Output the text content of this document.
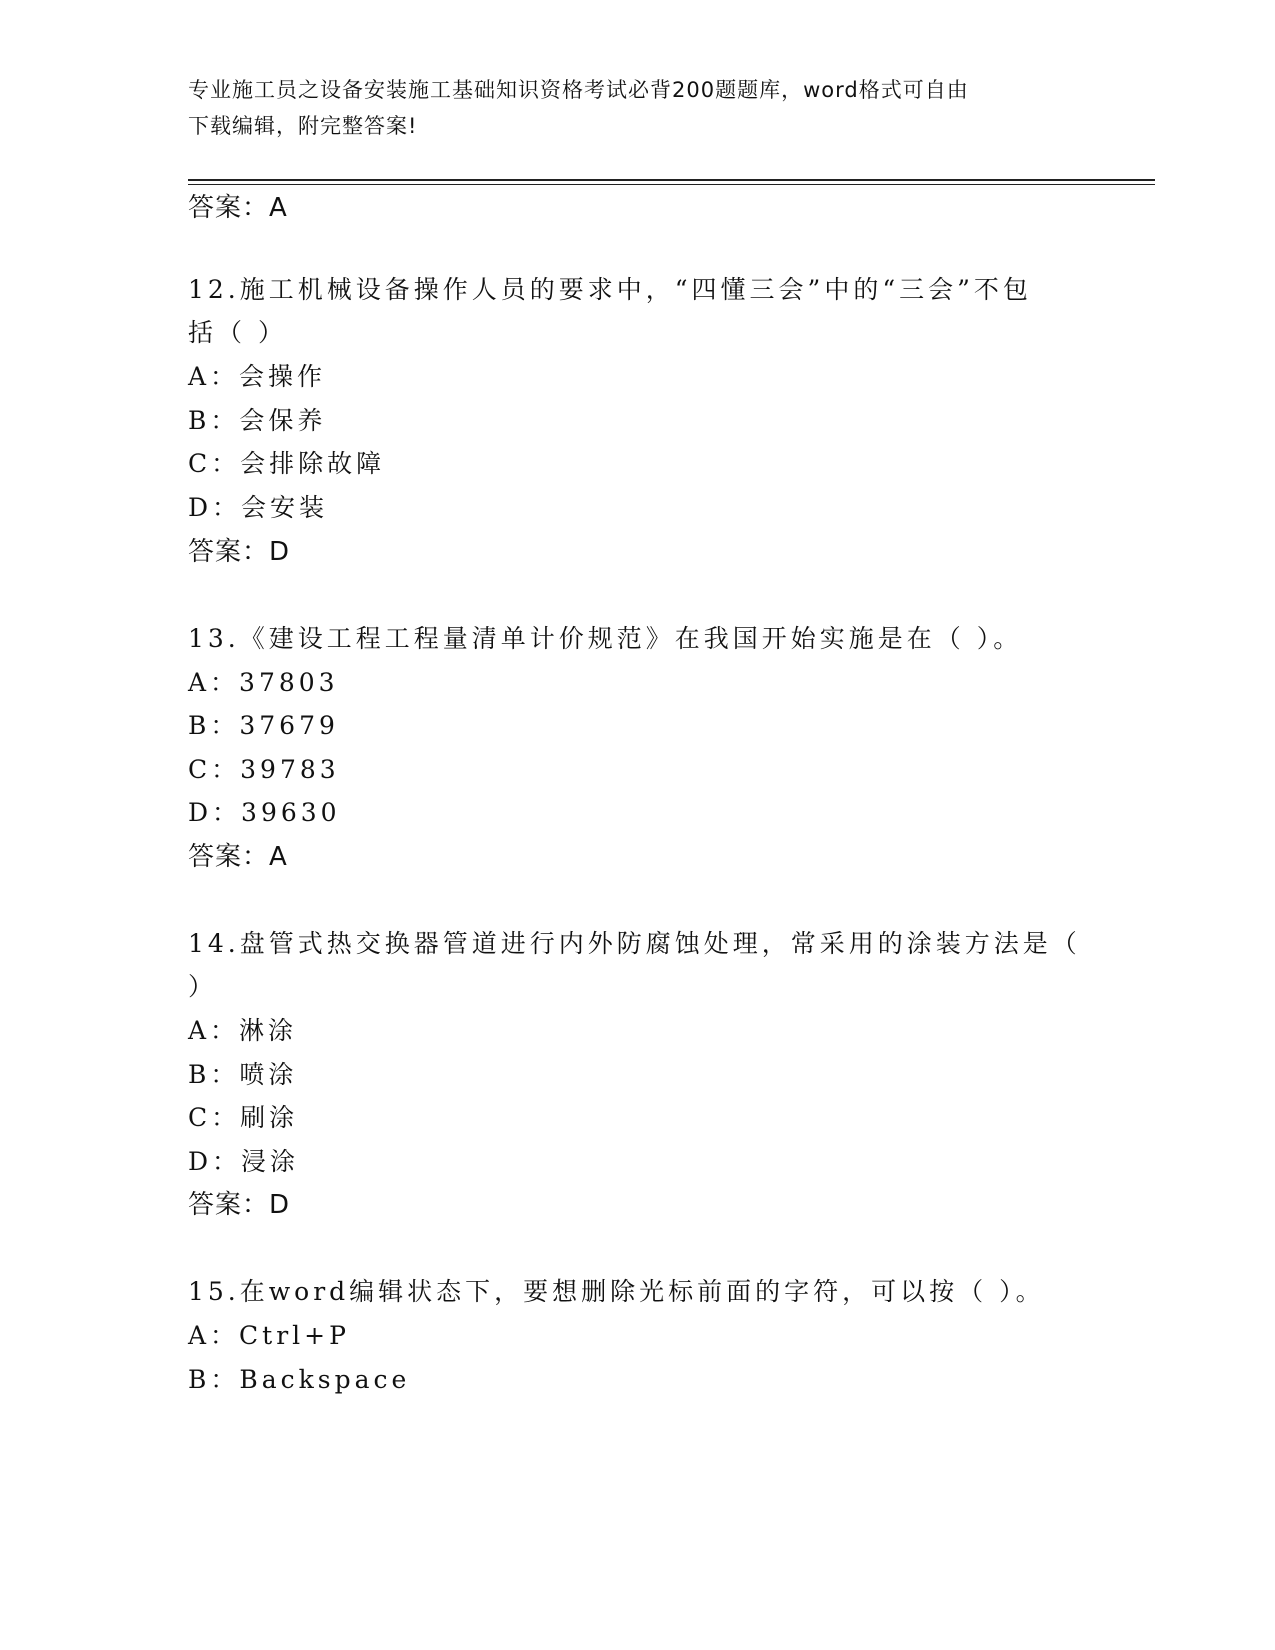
专业施工员之设备安装施工基础知识资格考试必背200题题库，word格式可自由
下载编辑，附完整答案!
答案：A
12.施工机械设备操作人员的要求中，“四懂三会”中的“三会”不包
括（ ）
A：会操作
B：会保养
C：会排除故障
D：会安装
答案：D
13.《建设工程工程量清单计价规范》在我国开始实施是在（ ）。
A：37803
B：37679
C：39783
D：39630
答案：A
14.盘管式热交换器管道进行内外防腐蚀处理，常采用的涂装方法是（
）
A：淋涂
B：喷涂
C：刷涂
D：浸涂
答案：D
15.在word编辑状态下，要想删除光标前面的字符，可以按（ ）。
A：Ctrl+P
B：Backspace
